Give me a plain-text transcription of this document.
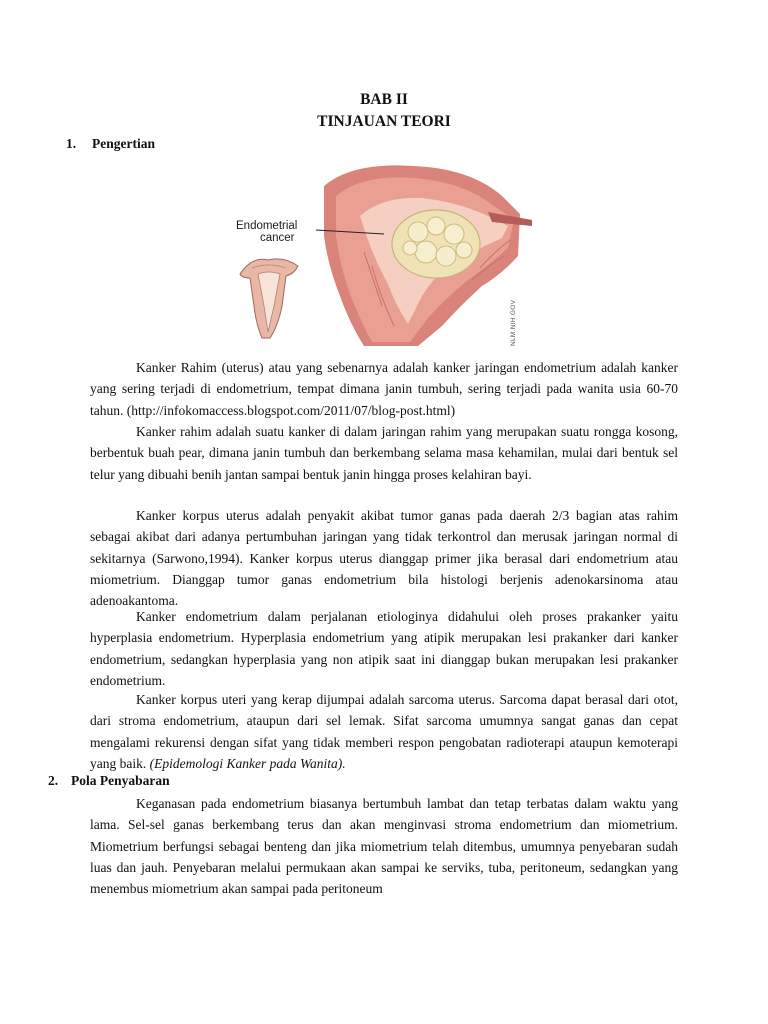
BAB II
TINJAUAN TEORI
1. Pengertian
Endometrial
cancer
NLM.NIH.GOV
Kanker Rahim (uterus) atau yang sebenarnya adalah kanker jaringan endometrium adalah kanker yang sering terjadi di endometrium, tempat dimana janin tumbuh, sering terjadi pada wanita usia 60-70 tahun. (http://infokomaccess.blogspot.com/2011/07/blog-post.html)
Kanker rahim adalah suatu kanker di dalam jaringan rahim yang merupakan suatu rongga kosong, berbentuk buah pear, dimana janin tumbuh dan berkembang selama masa kehamilan, mulai dari bentuk sel telur yang dibuahi benih jantan sampai bentuk janin hingga proses kelahiran bayi.
Kanker korpus uterus adalah penyakit akibat tumor ganas pada daerah 2/3 bagian atas rahim sebagai akibat dari adanya pertumbuhan jaringan yang tidak terkontrol dan merusak jaringan normal di sekitarnya (Sarwono,1994). Kanker korpus uterus dianggap primer jika berasal dari endometrium atau miometrium. Dianggap tumor ganas endometrium bila histologi berjenis adenokarsinoma atau adenoakantoma.
Kanker endometrium dalam perjalanan etiologinya didahului oleh proses prakanker yaitu hyperplasia endometrium. Hyperplasia endometrium yang atipik merupakan lesi prakanker dari kanker endometrium, sedangkan hyperplasia yang non atipik saat ini dianggap bukan merupakan lesi prakanker endometrium.
Kanker korpus uteri yang kerap dijumpai adalah sarcoma uterus. Sarcoma dapat berasal dari otot, dari stroma endometrium, ataupun dari sel lemak. Sifat sarcoma umumnya sangat ganas dan cepat mengalami rekurensi dengan sifat yang tidak memberi respon pengobatan radioterapi ataupun kemoterapi yang baik. (Epidemologi Kanker pada Wanita).
2. Pola Penyabaran
Keganasan pada endometrium biasanya bertumbuh lambat dan tetap terbatas dalam waktu yang lama. Sel-sel ganas berkembang terus dan akan menginvasi stroma endometrium dan miometrium. Miometrium berfungsi sebagai benteng dan jika miometrium telah ditembus, umumnya penyebaran sudah luas dan jauh. Penyebaran melalui permukaan akan sampai ke serviks, tuba, peritoneum, sedangkan yang menembus miometrium akan sampai pada peritoneum
